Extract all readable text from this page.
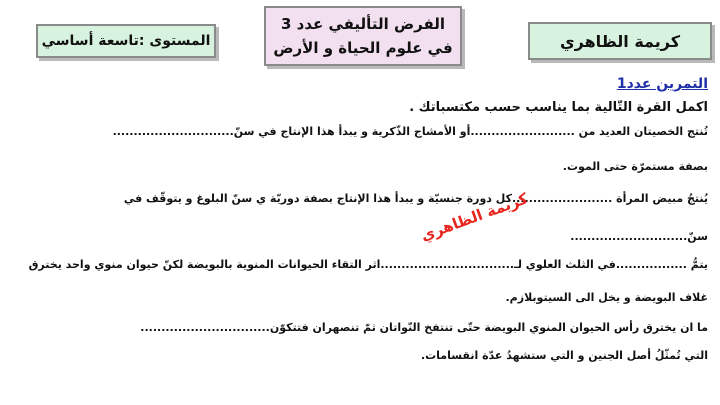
كريمة الظاهري
الفرض التأليفي عدد 3
في علوم الحياة و الأرض
المستوى :تاسعة أساسي
التمرين عدد1
اكمل القرة التّالية بما يناسب حسب مكتسباتك .
تُنتج الخصيتان العديد من .........................أو الأمشاج الذّكرية و يبدأ هذا الإنتاج في سنّ.............................
بصفة مستمرّة حتى الموت.
يُنتجُ مبيض المرأة ........................كل دورة جنسيّة و يبدأ هذا الإنتاج بصفة دوريّة ي سنّ البلوغ و يتوقّف في
سنّ............................
يتمُّ .................في الثلث العلوي لـ................................اثر التقاء الحيوانات المنوية بالبويضة لكنّ حيوان منوي واحد يخترق
غلاف البويضة و يخل الى السيتوبلازم.
ما ان يخترق رأس الحيوان المنوي البويضة حتّى تنتفخ النّواتان ثمّ تنصهران فتتكوّن...............................
التي تُمثّلُ أصل الجنين و التي ستشهدُ عدّة انقسامات.
كريمة الظاهري
